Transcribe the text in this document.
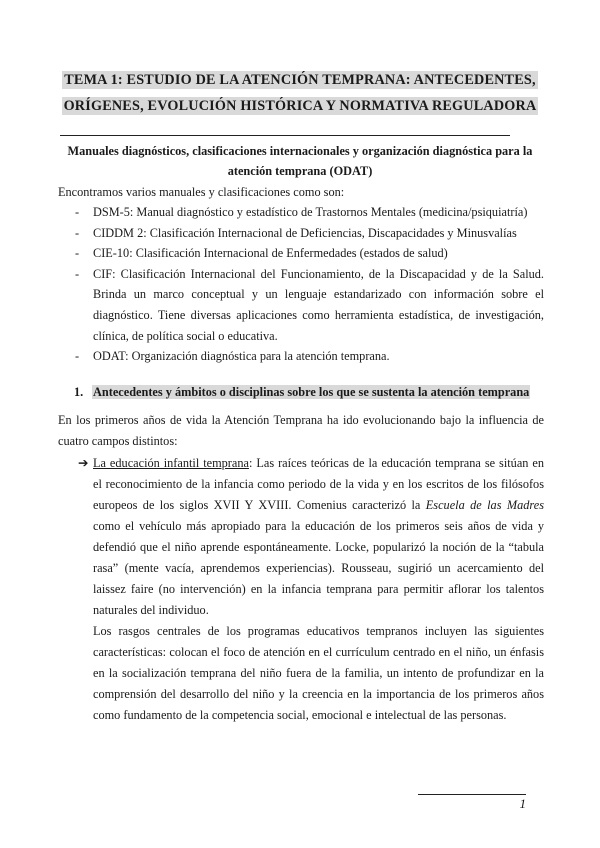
TEMA 1: ESTUDIO DE LA ATENCIÓN TEMPRANA: ANTECEDENTES,
ORÍGENES, EVOLUCIÓN HISTÓRICA Y NORMATIVA REGULADORA
Manuales diagnósticos, clasificaciones internacionales y organización diagnóstica para la
atención temprana (ODAT)
Encontramos varios manuales y clasificaciones como son:
- DSM-5: Manual diagnóstico y estadístico de Trastornos Mentales (medicina/psiquiatría)
- CIDDM 2: Clasificación Internacional de Deficiencias, Discapacidades y Minusvalías
- CIE-10: Clasificación Internacional de Enfermedades (estados de salud)
- CIF: Clasificación Internacional del Funcionamiento, de la Discapacidad y de la Salud. Brinda un marco conceptual y un lenguaje estandarizado con información sobre el diagnóstico. Tiene diversas aplicaciones como herramienta estadística, de investigación, clínica, de política social o educativa.
- ODAT: Organización diagnóstica para la atención temprana.
1. Antecedentes y ámbitos o disciplinas sobre los que se sustenta la atención temprana
En los primeros años de vida la Atención Temprana ha ido evolucionando bajo la influencia de cuatro campos distintos:
➔ La educación infantil temprana: Las raíces teóricas de la educación temprana se sitúan en el reconocimiento de la infancia como periodo de la vida y en los escritos de los filósofos europeos de los siglos XVII Y XVIII. Comenius caracterizó la Escuela de las Madres como el vehículo más apropiado para la educación de los primeros seis años de vida y defendió que el niño aprende espontáneamente. Locke, popularizó la noción de la “tabula rasa” (mente vacía, aprendemos experiencias). Rousseau, sugirió un acercamiento del laissez faire (no intervención) en la infancia temprana para permitir aflorar los talentos naturales del individuo.

Los rasgos centrales de los programas educativos tempranos incluyen las siguientes características: colocan el foco de atención en el currículum centrado en el niño, un énfasis en la socialización temprana del niño fuera de la familia, un intento de profundizar en la comprensión del desarrollo del niño y la creencia en la importancia de los primeros años como fundamento de la competencia social, emocional e intelectual de las personas.

1
